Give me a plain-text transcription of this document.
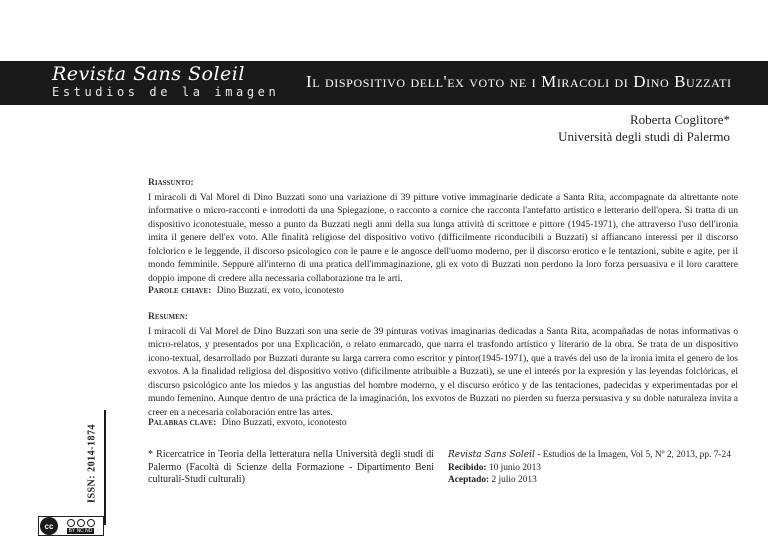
Revista Sans Soleil
Estudios de la imagen
Il dispositivo dell'ex voto ne i Miracoli di Dino Buzzati
Roberta Coglitore*
Università degli studi di Palermo
Riassunto:
I miracoli di Val Morel di Dino Buzzati sono una variazione di 39 pitture votive immaginarie dedicate a Santa Rita, accompagnate da altrettante note informative o micro-racconti e introdotti da una Spiegazione, o racconto a cornice che racconta l'antefatto artistico e letterario dell'opera. Si tratta di un dispositivo iconotestuale, messo a punto da Buzzati negli anni della sua lunga attività di scrittore e pittore (1945-1971), che attraverso l'uso dell'ironia imita il genere dell'ex voto. Alle finalità religiose del dispositivo votivo (difficilmente riconducibili a Buzzati) si affiancano interessi per il discorso folclorico e le leggende, il discorso psicologico con le paure e le angosce dell'uomo moderno, per il discorso erotico e le tentazioni, subite e agite, per il mondo femminile. Seppure all'interno di una pratica dell'immaginazione, gli ex voto di Buzzati non perdono la loro forza persuasiva e il loro carattere doppio impone di credere alla necessaria collaborazione tra le arti.
Parole chiave: Dino Buzzati, ex voto, iconotesto
Resumen:
I miracoli di Val Morel de Dino Buzzati son una serie de 39 pinturas votivas imaginarias dedicadas a Santa Rita, acompañadas de notas informativas o micro-relatos, y presentados por una Explicación, o relato enmarcado, que narra el trasfondo artístico y literario de la obra. Se trata de un dispositivo icono-textual, desarrollado por Buzzati durante su larga carrera como escritor y pintor(1945-1971), que a través del uso de la ironía imita el genero de los exvotos. A la finalidad religiosa del dispositivo votivo (difícilmente atribuible a Buzzati), se une el interés por la expresión y las leyendas folclóricas, el discurso psicológico ante los miedos y las angustias del hombre moderno, y el discurso erótico y de las tentaciones, padecidas y experimentadas por el mundo femenino. Aunque dentro de una práctica de la imaginación, los exvotos de Buzzati no pierden su fuerza persuasiva y su doble naturaleza invita a creer en a necesaria colaboración entre las artes.
Palabras clave: Dino Buzzati, exvoto, iconotesto
* Ricercatrice in Teoria della letteratura nella Università degli studi di Palermo (Facoltà di Scienze della Formazione - Dipartimento Beni culturali-Studi culturali)
Revista Sans Soleil - Estudios de la Imagen, Vol 5, Nº 2, 2013, pp. 7-24
Recibido: 10 junio 2013
Aceptado: 2 julio 2013
ISSN: 2014-1874
cc
BY NC ND
